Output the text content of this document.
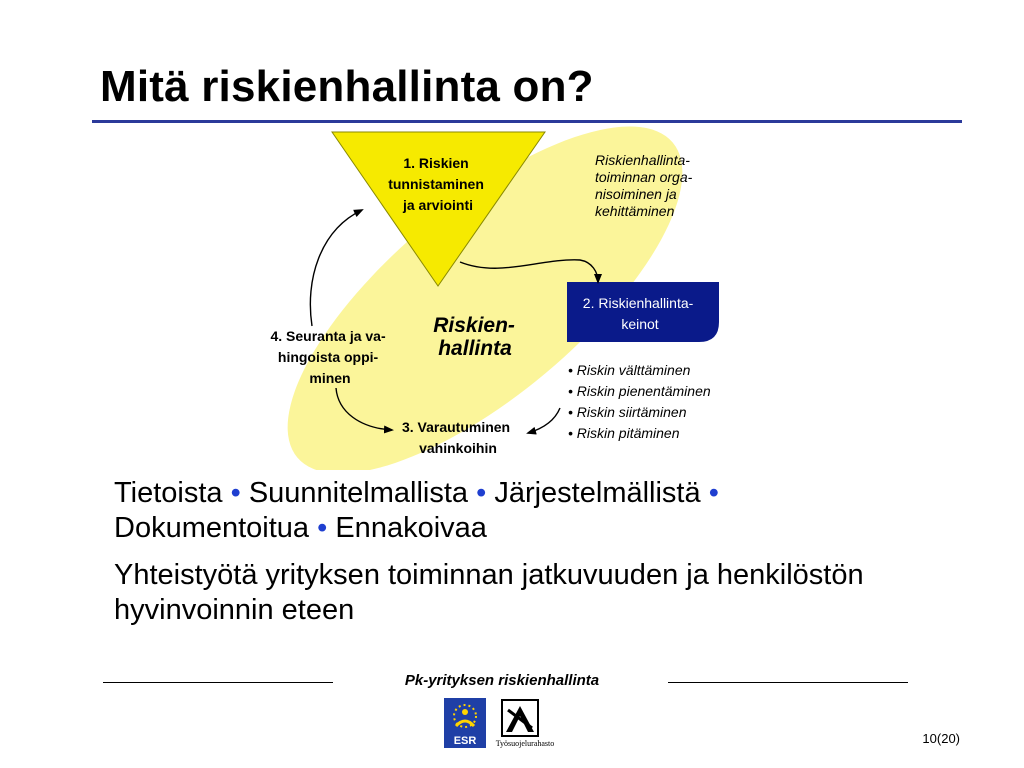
Mitä riskienhallinta on?
1. Riskien tunnistaminen ja arviointi
2. Riskienhallinta- keinot
Riskienhallinta- toiminnan orga- nisoiminen ja kehittäminen
Riskien- hallinta
4. Seuranta ja va- hingoista oppi- minen
3. Varautuminen vahinkoihin
• Riskin välttäminen • Riskin pienentäminen • Riskin siirtäminen • Riskin pitäminen

Tietoista • Suunnitelmallista • Järjestelmällistä •
Dokumentoitua • Ennakoivaa

Yhteistyötä yrityksen toiminnan jatkuvuuden ja henkilöstön hyvinvoinnin eteen

Pk-yrityksen riskienhallinta
ESR Työsuojelurahasto	10(20)
